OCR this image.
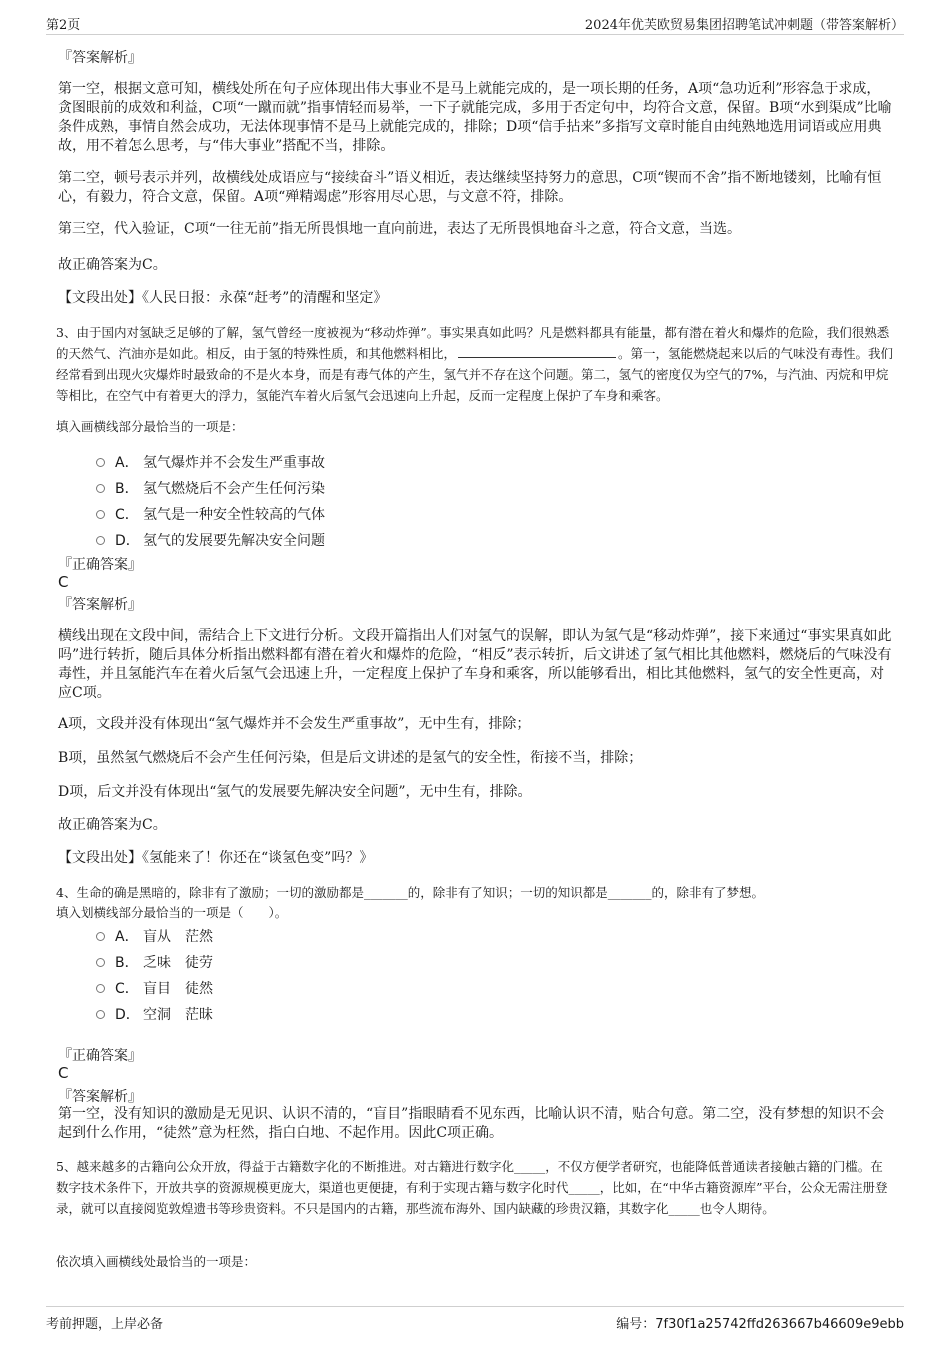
第2页	2024年优芙欧贸易集团招聘笔试冲刺题（带答案解析）
『答案解析』
第一空，根据文意可知，横线处所在句子应体现出伟大事业不是马上就能完成的，是一项长期的任务，A项“急功近利”形容急于求成，贪图眼前的成效和利益，C项“一蹴而就”指事情轻而易举，一下子就能完成，多用于否定句中，均符合文意，保留。B项“水到渠成”比喻条件成熟，事情自然会成功，无法体现事情不是马上就能完成的，排除；D项“信手拈来”多指写文章时能自由纯熟地选用词语或应用典故，用不着怎么思考，与“伟大事业”搭配不当，排除。
第二空，顿号表示并列，故横线处成语应与“接续奋斗”语义相近，表达继续坚持努力的意思，C项“锲而不舍”指不断地镂刻，比喻有恒心，有毅力，符合文意，保留。A项“殚精竭虑”形容用尽心思，与文意不符，排除。
第三空，代入验证，C项“一往无前”指无所畏惧地一直向前进，表达了无所畏惧地奋斗之意，符合文意，当选。
故正确答案为C。
【文段出处】《人民日报：永葆“赶考”的清醒和坚定》
3、由于国内对氢缺乏足够的了解，氢气曾经一度被视为“移动炸弹”。事实果真如此吗？凡是燃料都具有能量，都有潜在着火和爆炸的危险，我们很熟悉的天然气、汽油亦是如此。相反，由于氢的特殊性质，和其他燃料相比，	。第一，氢能燃烧起来以后的气味没有毒性。我们经常看到出现火灾爆炸时最致命的不是火本身，而是有毒气体的产生，氢气并不存在这个问题。第二，氢气的密度仅为空气的7%，与汽油、丙烷和甲烷等相比，在空气中有着更大的浮力，氢能汽车着火后氢气会迅速向上升起，反而一定程度上保护了车身和乘客。
填入画横线部分最恰当的一项是：
A． 氢气爆炸并不会发生严重事故
B． 氢气燃烧后不会产生任何污染
C． 氢气是一种安全性较高的气体
D． 氢气的发展要先解决安全问题
『正确答案』
C
『答案解析』
横线出现在文段中间，需结合上下文进行分析。文段开篇指出人们对氢气的误解，即认为氢气是“移动炸弹”，接下来通过“事实果真如此吗”进行转折，随后具体分析指出燃料都有潜在着火和爆炸的危险，“相反”表示转折，后文讲述了氢气相比其他燃料，燃烧后的气味没有毒性，并且氢能汽车在着火后氢气会迅速上升，一定程度上保护了车身和乘客，所以能够看出，相比其他燃料，氢气的安全性更高，对应C项。
A项，文段并没有体现出“氢气爆炸并不会发生严重事故”，无中生有，排除；
B项，虽然氢气燃烧后不会产生任何污染，但是后文讲述的是氢气的安全性，衔接不当，排除；
D项，后文并没有体现出“氢气的发展要先解决安全问题”，无中生有，排除。
故正确答案为C。
【文段出处】《氢能来了！你还在“谈氢色变”吗？》
4、生命的确是黑暗的，除非有了激励；一切的激励都是_______的，除非有了知识；一切的知识都是_______的，除非有了梦想。
填入划横线部分最恰当的一项是（　　）。
A． 盲从　茫然
B． 乏味　徒劳
C． 盲目　徒然
D． 空洞　茫昧
『正确答案』
C
『答案解析』
第一空，没有知识的激励是无见识、认识不清的，“盲目”指眼睛看不见东西，比喻认识不清，贴合句意。第二空，没有梦想的知识不会起到什么作用，“徒然”意为枉然，指白白地、不起作用。因此C项正确。
5、越来越多的古籍向公众开放，得益于古籍数字化的不断推进。对古籍进行数字化_____，不仅方便学者研究，也能降低普通读者接触古籍的门槛。在数字技术条件下，开放共享的资源规模更庞大，渠道也更便捷，有利于实现古籍与数字化时代_____，比如，在“中华古籍资源库”平台，公众无需注册登录，就可以直接阅览敦煌遗书等珍贵资料。不只是国内的古籍，那些流布海外、国内缺藏的珍贵汉籍，其数字化_____也令人期待。
依次填入画横线处最恰当的一项是：
考前押题，上岸必备	编号：7f30f1a25742ffd263667b46609e9ebb
